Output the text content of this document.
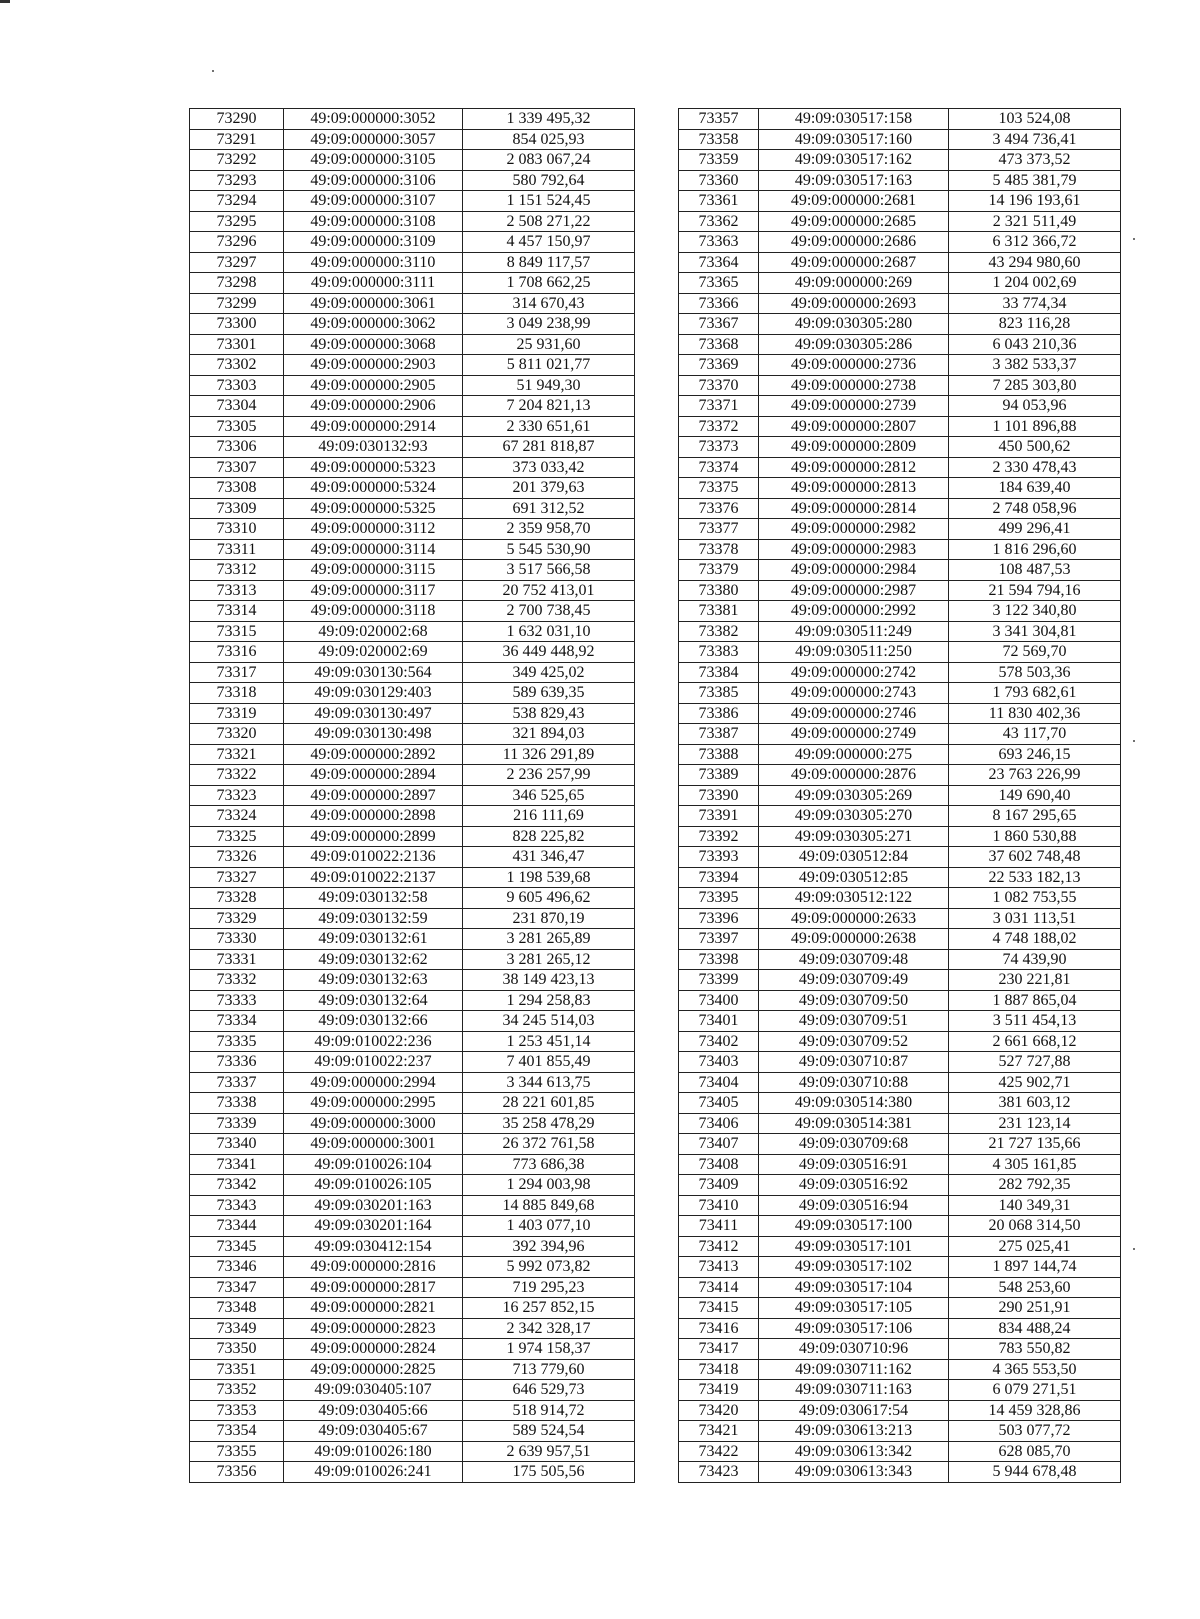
73290	49:09:000000:3052	1 339 495,32
73291	49:09:000000:3057	854 025,93
73292	49:09:000000:3105	2 083 067,24
73293	49:09:000000:3106	580 792,64
73294	49:09:000000:3107	1 151 524,45
73295	49:09:000000:3108	2 508 271,22
73296	49:09:000000:3109	4 457 150,97
73297	49:09:000000:3110	8 849 117,57
73298	49:09:000000:3111	1 708 662,25
73299	49:09:000000:3061	314 670,43
73300	49:09:000000:3062	3 049 238,99
73301	49:09:000000:3068	25 931,60
73302	49:09:000000:2903	5 811 021,77
73303	49:09:000000:2905	51 949,30
73304	49:09:000000:2906	7 204 821,13
73305	49:09:000000:2914	2 330 651,61
73306	49:09:030132:93	67 281 818,87
73307	49:09:000000:5323	373 033,42
73308	49:09:000000:5324	201 379,63
73309	49:09:000000:5325	691 312,52
73310	49:09:000000:3112	2 359 958,70
73311	49:09:000000:3114	5 545 530,90
73312	49:09:000000:3115	3 517 566,58
73313	49:09:000000:3117	20 752 413,01
73314	49:09:000000:3118	2 700 738,45
73315	49:09:020002:68	1 632 031,10
73316	49:09:020002:69	36 449 448,92
73317	49:09:030130:564	349 425,02
73318	49:09:030129:403	589 639,35
73319	49:09:030130:497	538 829,43
73320	49:09:030130:498	321 894,03
73321	49:09:000000:2892	11 326 291,89
73322	49:09:000000:2894	2 236 257,99
73323	49:09:000000:2897	346 525,65
73324	49:09:000000:2898	216 111,69
73325	49:09:000000:2899	828 225,82
73326	49:09:010022:2136	431 346,47
73327	49:09:010022:2137	1 198 539,68
73328	49:09:030132:58	9 605 496,62
73329	49:09:030132:59	231 870,19
73330	49:09:030132:61	3 281 265,89
73331	49:09:030132:62	3 281 265,12
73332	49:09:030132:63	38 149 423,13
73333	49:09:030132:64	1 294 258,83
73334	49:09:030132:66	34 245 514,03
73335	49:09:010022:236	1 253 451,14
73336	49:09:010022:237	7 401 855,49
73337	49:09:000000:2994	3 344 613,75
73338	49:09:000000:2995	28 221 601,85
73339	49:09:000000:3000	35 258 478,29
73340	49:09:000000:3001	26 372 761,58
73341	49:09:010026:104	773 686,38
73342	49:09:010026:105	1 294 003,98
73343	49:09:030201:163	14 885 849,68
73344	49:09:030201:164	1 403 077,10
73345	49:09:030412:154	392 394,96
73346	49:09:000000:2816	5 992 073,82
73347	49:09:000000:2817	719 295,23
73348	49:09:000000:2821	16 257 852,15
73349	49:09:000000:2823	2 342 328,17
73350	49:09:000000:2824	1 974 158,37
73351	49:09:000000:2825	713 779,60
73352	49:09:030405:107	646 529,73
73353	49:09:030405:66	518 914,72
73354	49:09:030405:67	589 524,54
73355	49:09:010026:180	2 639 957,51
73356	49:09:010026:241	175 505,56
73357	49:09:030517:158	103 524,08
73358	49:09:030517:160	3 494 736,41
73359	49:09:030517:162	473 373,52
73360	49:09:030517:163	5 485 381,79
73361	49:09:000000:2681	14 196 193,61
73362	49:09:000000:2685	2 321 511,49
73363	49:09:000000:2686	6 312 366,72
73364	49:09:000000:2687	43 294 980,60
73365	49:09:000000:269	1 204 002,69
73366	49:09:000000:2693	33 774,34
73367	49:09:030305:280	823 116,28
73368	49:09:030305:286	6 043 210,36
73369	49:09:000000:2736	3 382 533,37
73370	49:09:000000:2738	7 285 303,80
73371	49:09:000000:2739	94 053,96
73372	49:09:000000:2807	1 101 896,88
73373	49:09:000000:2809	450 500,62
73374	49:09:000000:2812	2 330 478,43
73375	49:09:000000:2813	184 639,40
73376	49:09:000000:2814	2 748 058,96
73377	49:09:000000:2982	499 296,41
73378	49:09:000000:2983	1 816 296,60
73379	49:09:000000:2984	108 487,53
73380	49:09:000000:2987	21 594 794,16
73381	49:09:000000:2992	3 122 340,80
73382	49:09:030511:249	3 341 304,81
73383	49:09:030511:250	72 569,70
73384	49:09:000000:2742	578 503,36
73385	49:09:000000:2743	1 793 682,61
73386	49:09:000000:2746	11 830 402,36
73387	49:09:000000:2749	43 117,70
73388	49:09:000000:275	693 246,15
73389	49:09:000000:2876	23 763 226,99
73390	49:09:030305:269	149 690,40
73391	49:09:030305:270	8 167 295,65
73392	49:09:030305:271	1 860 530,88
73393	49:09:030512:84	37 602 748,48
73394	49:09:030512:85	22 533 182,13
73395	49:09:030512:122	1 082 753,55
73396	49:09:000000:2633	3 031 113,51
73397	49:09:000000:2638	4 748 188,02
73398	49:09:030709:48	74 439,90
73399	49:09:030709:49	230 221,81
73400	49:09:030709:50	1 887 865,04
73401	49:09:030709:51	3 511 454,13
73402	49:09:030709:52	2 661 668,12
73403	49:09:030710:87	527 727,88
73404	49:09:030710:88	425 902,71
73405	49:09:030514:380	381 603,12
73406	49:09:030514:381	231 123,14
73407	49:09:030709:68	21 727 135,66
73408	49:09:030516:91	4 305 161,85
73409	49:09:030516:92	282 792,35
73410	49:09:030516:94	140 349,31
73411	49:09:030517:100	20 068 314,50
73412	49:09:030517:101	275 025,41
73413	49:09:030517:102	1 897 144,74
73414	49:09:030517:104	548 253,60
73415	49:09:030517:105	290 251,91
73416	49:09:030517:106	834 488,24
73417	49:09:030710:96	783 550,82
73418	49:09:030711:162	4 365 553,50
73419	49:09:030711:163	6 079 271,51
73420	49:09:030617:54	14 459 328,86
73421	49:09:030613:213	503 077,72
73422	49:09:030613:342	628 085,70
73423	49:09:030613:343	5 944 678,48
